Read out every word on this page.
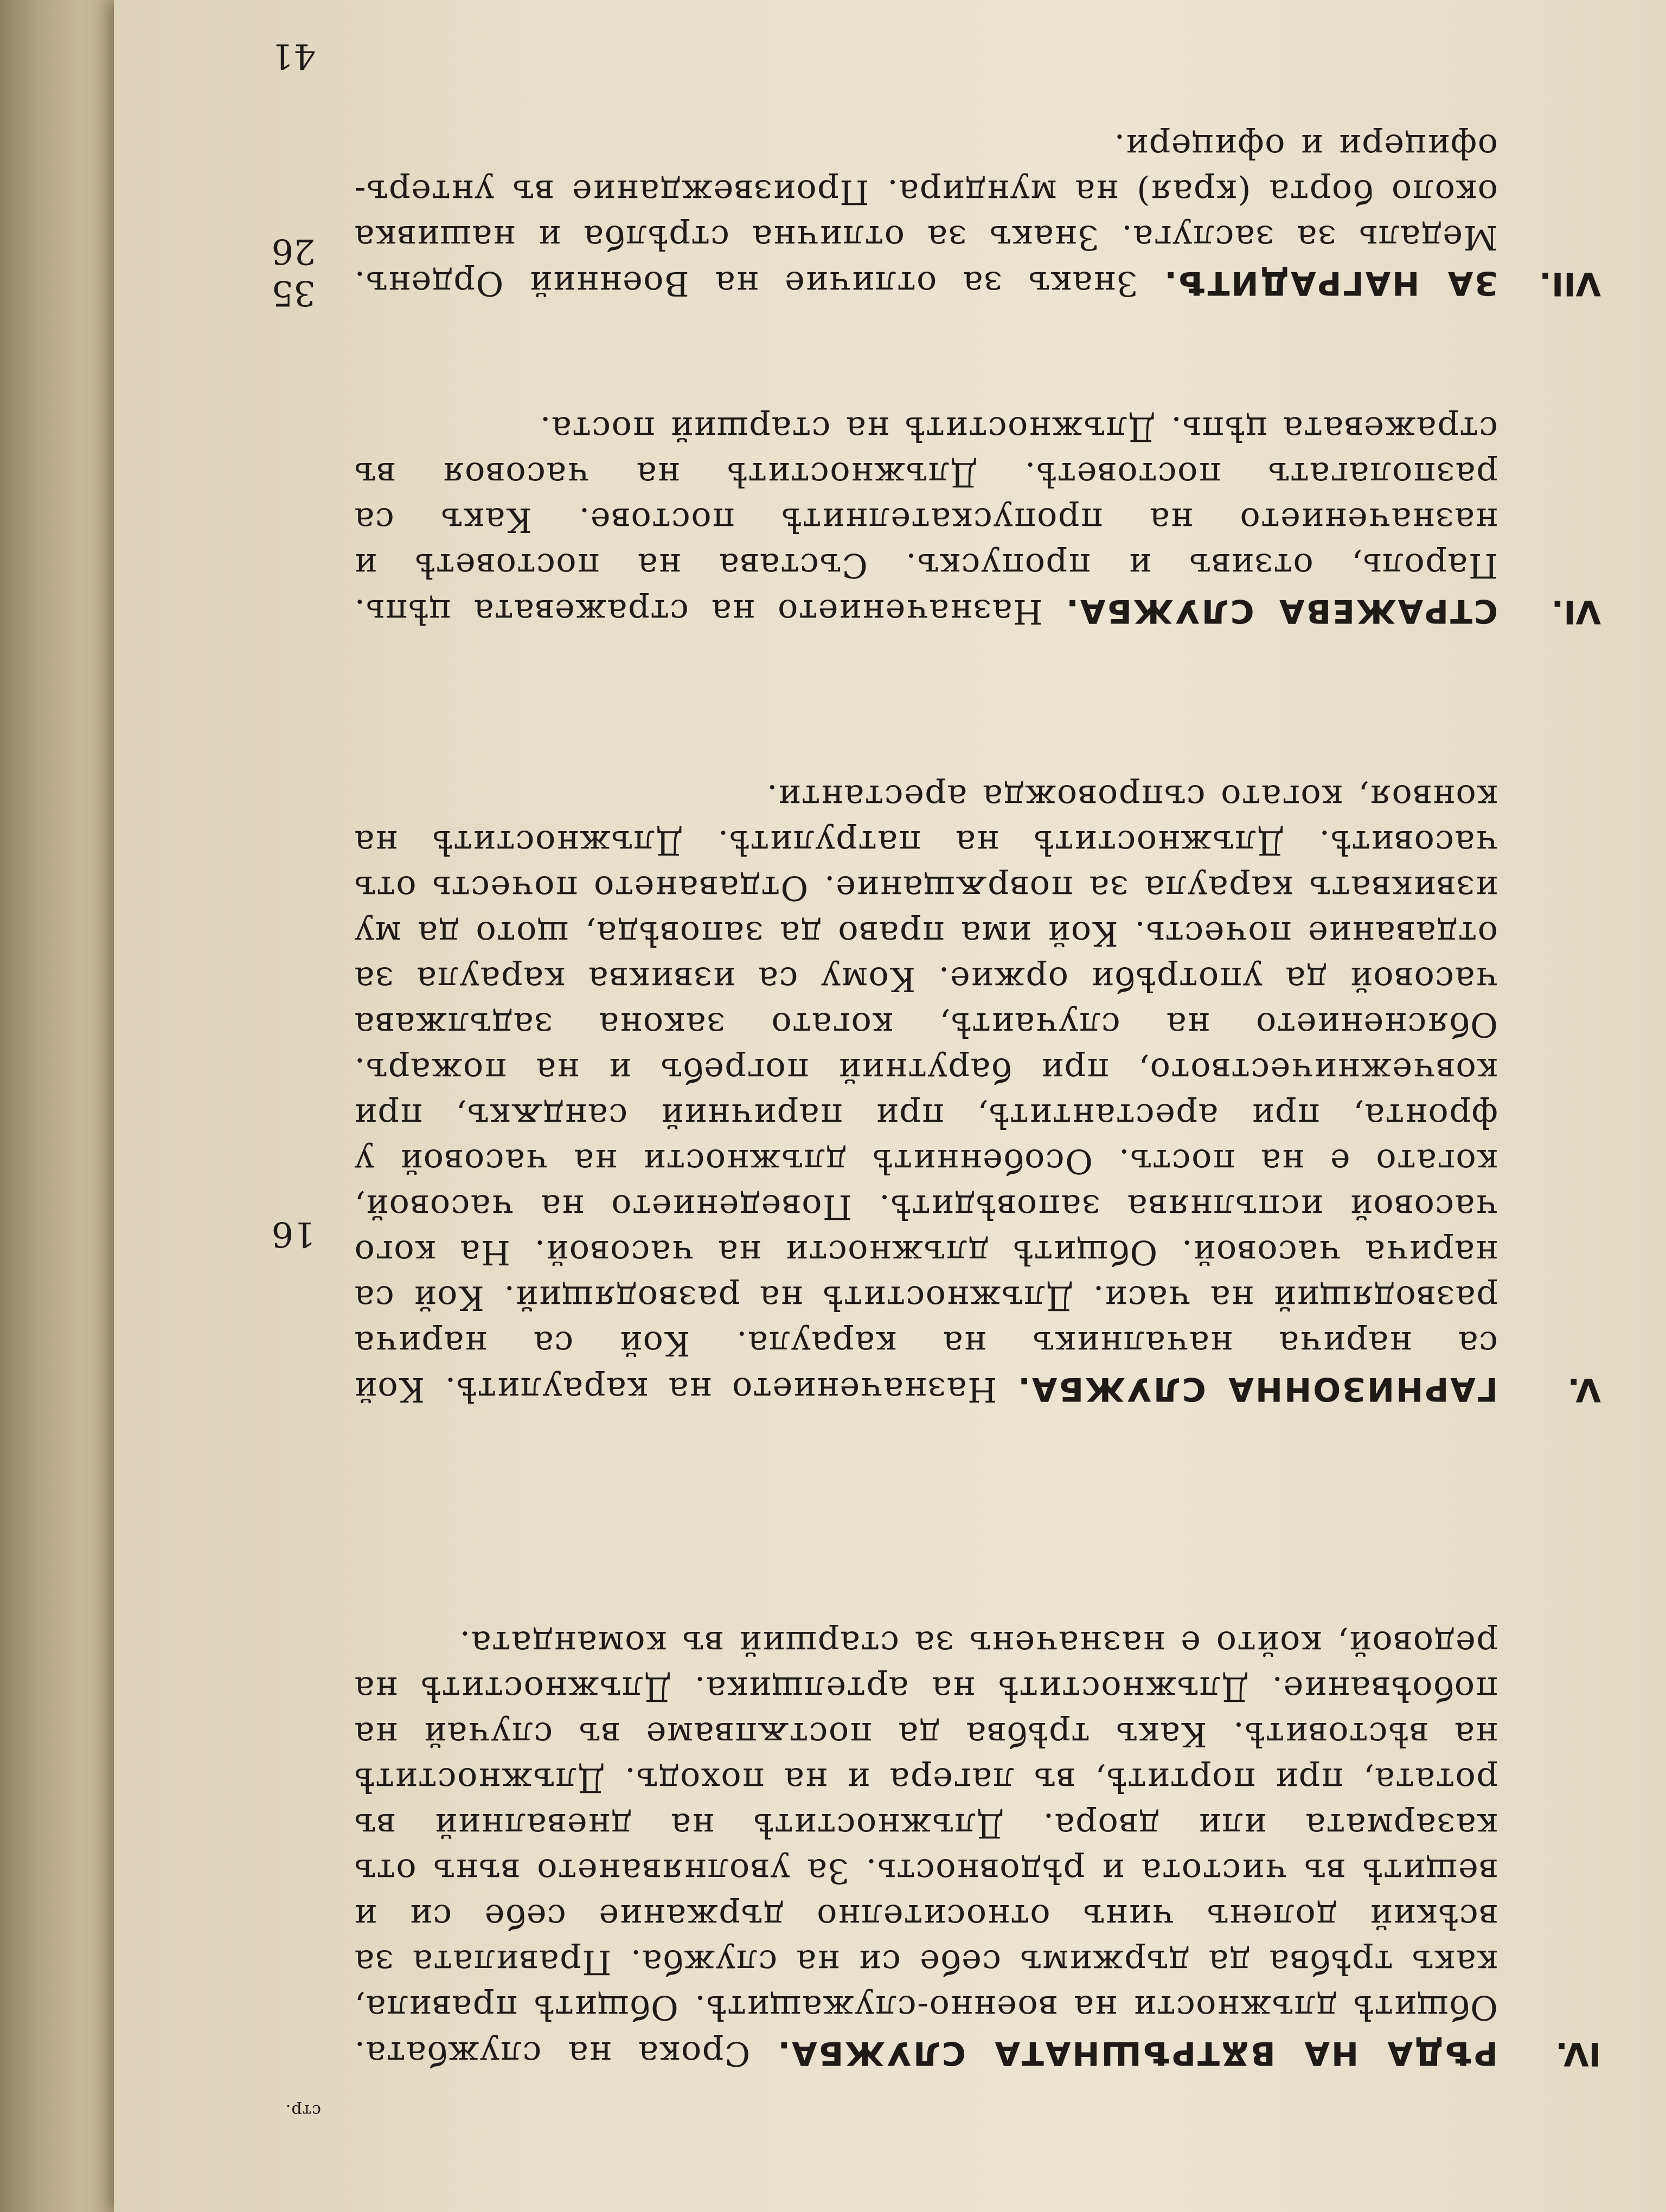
стр.
IV.
РѢДА НА ВѪТРѢШНАТА СЛУЖБА. Срока на службата. Общитѣ длъжности на военно-служащитѣ. Общитѣ правила, какъ трѣбва да държимъ себе си на служба. Правилата за всѣкий доленъ чинъ относително държание себе си и вещитѣ въ чистота и рѣдовность. За уволняването вънъ отъ казармата или двора. Длъжноститѣ на дневалний въ ротата, при портитѣ, въ лагера и на походъ. Длъжноститѣ на вѣстовитѣ. Какъ трѣбва да постѫпваме въ случай на побоѣвание. Длъжноститѣ на артелщика. Длъжноститѣ на редовой, който е назначенъ за старший въ командата.
16
V.
ГАРНИЗОННА СЛУЖБА. Назначението на караулитѣ. Кой са нарича началникъ на караула. Кой са нарича разводящий на часи. Длъжноститѣ на разводящий. Кой са нарича часовой. Общитѣ длъжности на часовой. На кого часовой испълнява заповѣдитѣ. Поведението на часовой, когато е на постъ. Особеннитѣ длъжности на часовой у фронта, при арестантитѣ, при паричний сандѫкъ, при ковчежничеството, при барутний погребъ и на пожаръ. Обяснението на случаитѣ, когато закона задължава часовой да употрѣби оржие. Кому са извиква караула за отдавание почесть. Кой има право да заповѣда, щото да му извикватъ караула за поврѫщание. Отдаването почесть отъ часовитѣ. Длъжноститѣ на патрулитѣ. Длъжноститѣ на конвоя, когато съпровожда арестанти.
26
VI.
СТРАЖЕВА СЛУЖБА. Назначението на стражевата цѣпь. Пароль, отзивъ и пропускъ. Състава на постоветѣ и назначението на пропускателнитѣ постове. Какъ са разполагатъ постоветѣ. Длъжноститѣ на часовоя въ стражевата цѣпь. Длъжноститѣ на старший поста.
35	VII.
ЗА НАГРАДИТѢ. Знакъ за отличие на Военний Орденъ. Медаль за заслуга. Знакъ за отлична стрѣлба и нашивка около борта (края) на мундира. Произвеждание въ унтеръ-офицери и офицери.
41
